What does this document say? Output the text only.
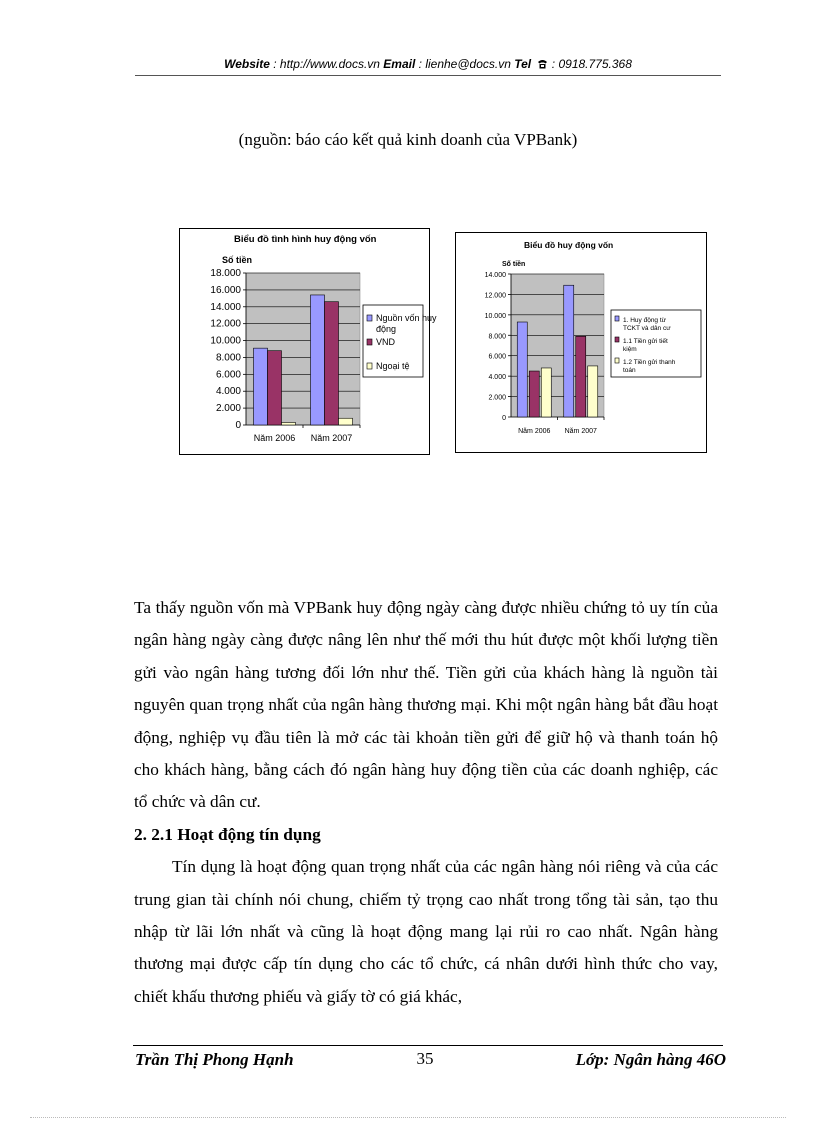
Website : http://www.docs.vn Email : lienhe@docs.vn Tel  : 0918.775.368
(nguồn: báo cáo kết quả kinh doanh của VPBank)
Biểu đồ tình hình huy động vốn
Số tiền
0
2.000
4.000
6.000
8.000
10.000
12.000
14.000
16.000
18.000
Năm 2006 Năm 2007
Nguồn vốn huy
động
VND
Ngoại tệ
Biểu đồ huy động vốn
Số tiền
0
2.000
4.000
6.000
8.000
10.000
12.000
14.000
Năm 2006 Năm 2007
1. Huy động từ
TCKT và dân cư
1.1 Tiền gửi tiết
kiệm
1.2 Tiền gửi thanh
toán

Ta thấy nguồn vốn mà VPBank huy động ngày càng được nhiều chứng tỏ uy tín của ngân hàng ngày càng được nâng lên như thế mới thu hút được một khối lượng tiền gửi vào ngân hàng tương đối lớn như thế. Tiền gửi của khách hàng là nguồn tài nguyên quan trọng nhất của ngân hàng thương mại. Khi một ngân hàng bắt đầu hoạt động, nghiệp vụ đầu tiên là mở các tài khoản tiền gửi để giữ hộ và thanh toán hộ cho khách hàng, bằng cách đó ngân hàng huy động tiền của các doanh nghiệp, các tổ chức và dân cư.

2. 2.1 Hoạt động tín dụng

Tín dụng là hoạt động quan trọng nhất của các ngân hàng nói riêng và của các trung gian tài chính nói chung, chiếm tỷ trọng cao nhất trong tổng tài sản, tạo thu nhập từ lãi lớn nhất và cũng là hoạt động mang lại rủi ro cao nhất. Ngân hàng thương mại được cấp tín dụng cho các tổ chức, cá nhân dưới hình thức cho vay, chiết khấu thương phiếu và giấy tờ có giá khác,

Trần Thị Phong Hạnh	35	Lớp: Ngân hàng 46O
